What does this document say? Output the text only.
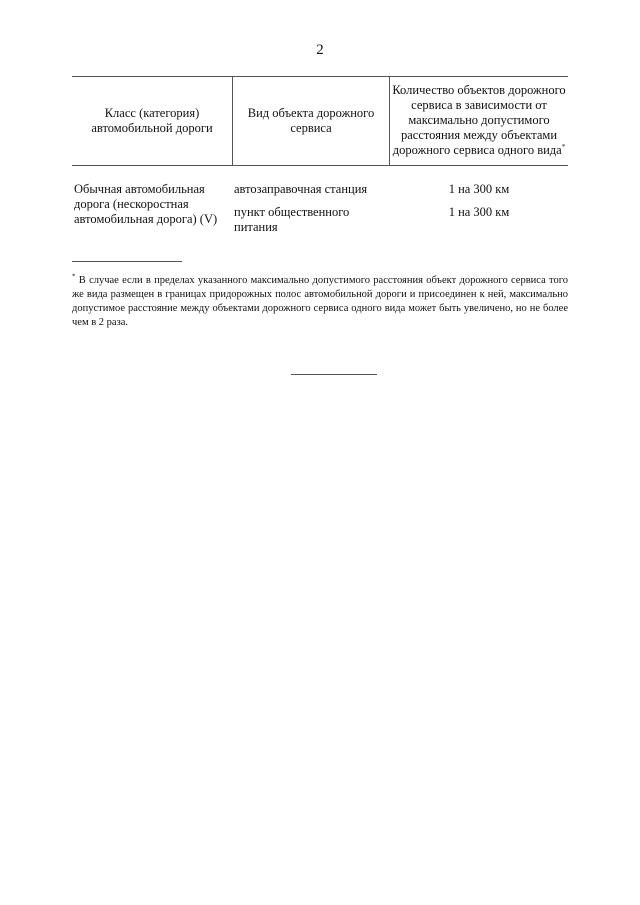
2
Класс (категория) автомобильной дороги
Вид объекта дорожного сервиса
Количество объектов дорожного сервиса в зависимости от максимально допустимого расстояния между объектами дорожного сервиса одного вида*
Обычная автомобильная дорога (нескоростная автомобильная дорога) (V)
автозаправочная станция	1 на 300 км
пункт общественного питания
1 на 300 км
* В случае если в пределах указанного максимально допустимого расстояния объект дорожного сервиса того же вида размещен в границах придорожных полос автомобильной дороги и присоединен к ней, максимально допустимое расстояние между объектами дорожного сервиса одного вида может быть увеличено, но не более чем в 2 раза.
